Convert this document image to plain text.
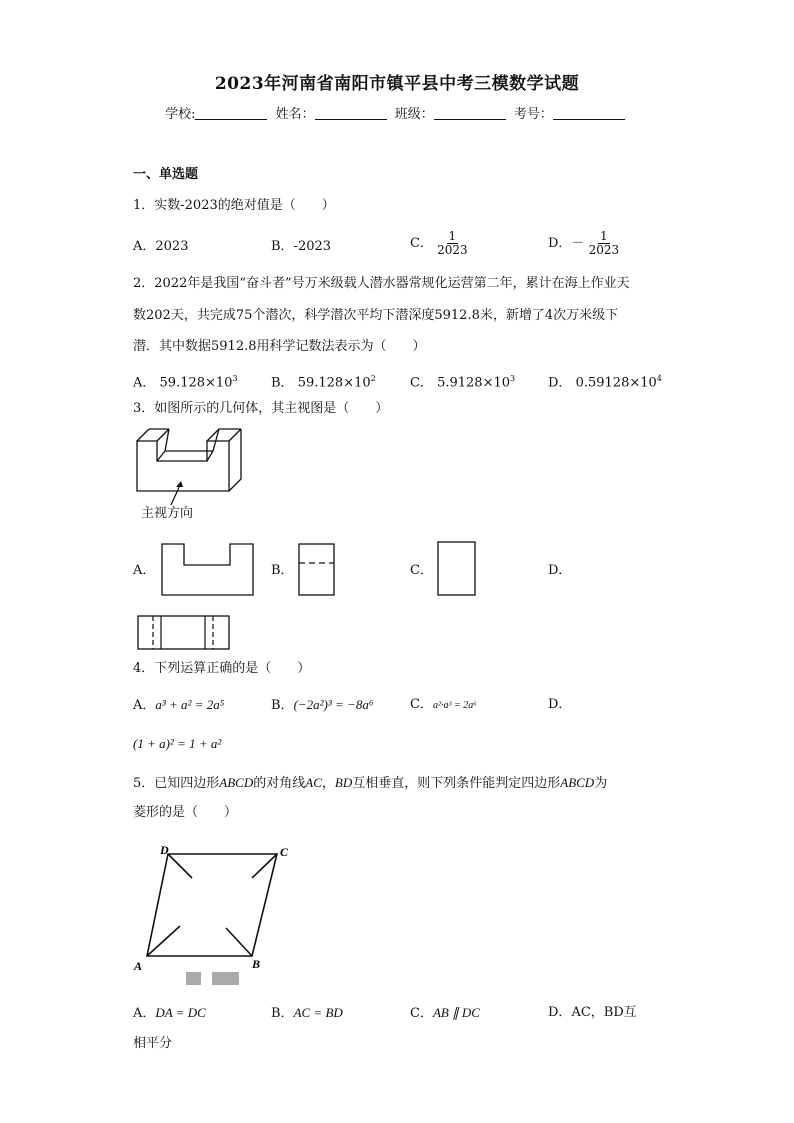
2023年河南省南阳市镇平县中考三模数学试题
学校:	姓名：	班级：	考号：
一、单选题
1．实数-2023的绝对值是（　　）
A．2023	B．-2023	C． $\frac{1}{2023}$	D．－ $\frac{1}{2023}$
2．2022年是我国“奋斗者”号万米级载人潜水器常规化运营第二年，累计在海上作业天
数202天，共完成75个潜次，科学潜次平均下潜深度5912.8米，新增了4次万米级下
潜．其中数据5912.8用科学记数法表示为（　　）
A． $59.128\times 10^3$	B． $59.128\times 10^2$	C． $5.9128\times 10^3$	D． $0.59128\times 10^4$
3．如图所示的几何体，其主视图是（　　）
主视方向
A．	B．	C．	D．
4．下列运算正确的是（　　）
A．a³ + a² = 2a⁵	B．(−2a²)³ = −8a⁶	C．a²·a³ = 2a⁶	D．
(1 + a)² = 1 + a²
5．已知四边形ABCD的对角线AC，BD互相垂直，则下列条件能判定四边形ABCD为
菱形的是（　　）
D	C
A	B
A．DA = DC	B．AC = BD	C．AB ∥ DC	D．AC，BD互
相平分
